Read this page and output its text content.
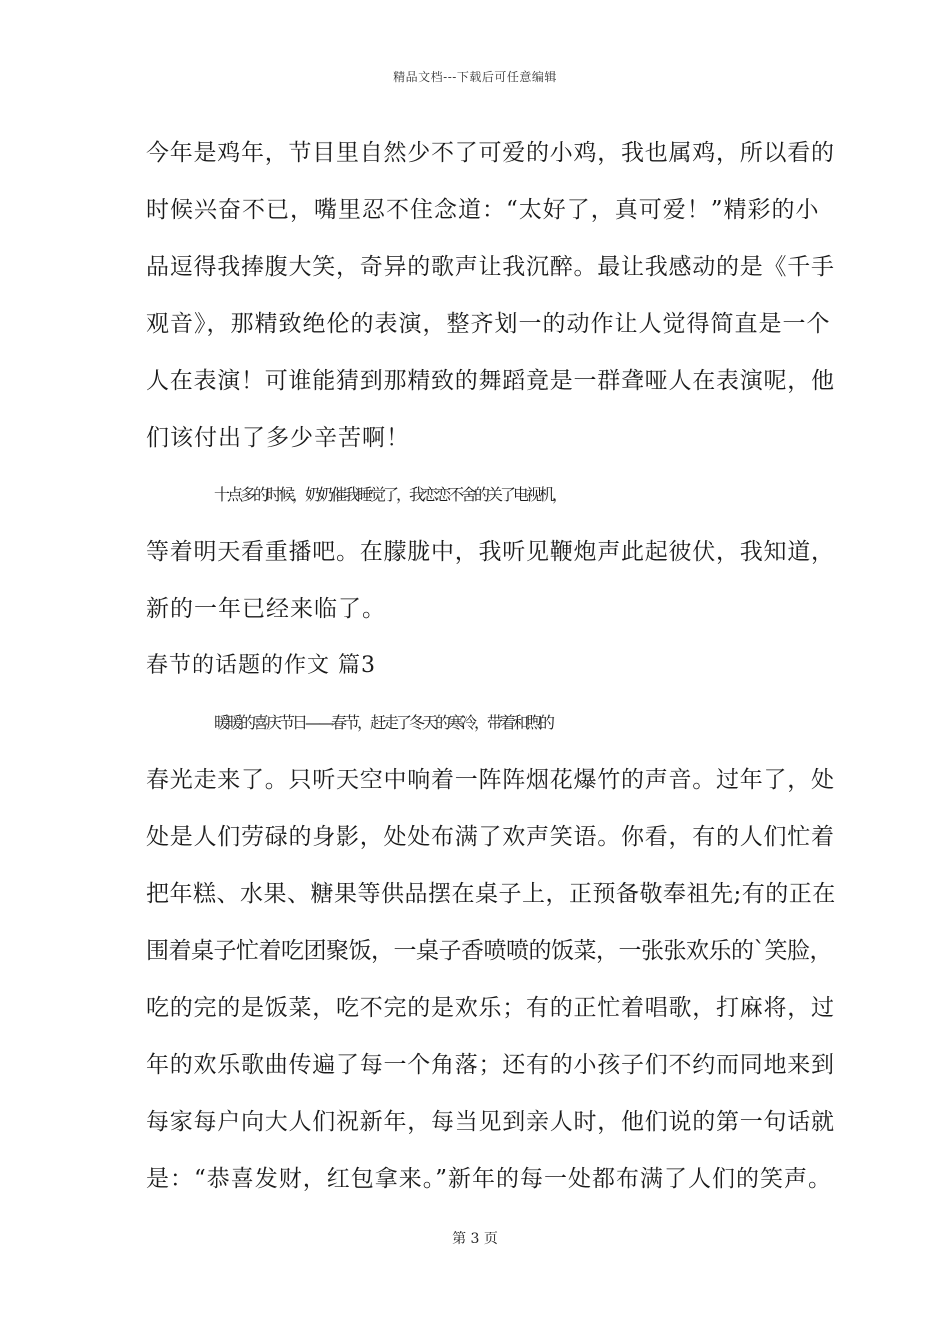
精品文档---下载后可任意编辑
今年是鸡年，节目里自然少不了可爱的小鸡，我也属鸡，所以看的
时候兴奋不已，嘴里忍不住念道：“太好了，真可爱！”精彩的小
品逗得我捧腹大笑，奇异的歌声让我沉醉。最让我感动的是《千手
观音》，那精致绝伦的表演，整齐划一的动作让人觉得简直是一个
人在表演！可谁能猜到那精致的舞蹈竟是一群聋哑人在表演呢，他
们该付出了多少辛苦啊！
十点多的时候，奶奶催我睡觉了，我恋恋不舍的关了电视机，
等着明天看重播吧。在朦胧中，我听见鞭炮声此起彼伏，我知道，
新的一年已经来临了。
春节的话题的作文 篇3
暖暖的喜庆节日——春节，赶走了冬天的寒冷，带着和煦的
春光走来了。只听天空中响着一阵阵烟花爆竹的声音。过年了，处
处是人们劳碌的身影，处处布满了欢声笑语。你看，有的人们忙着
把年糕、水果、糖果等供品摆在桌子上，正预备敬奉祖先;有的正在
围着桌子忙着吃团聚饭，一桌子香喷喷的饭菜，一张张欢乐的`笑脸，
吃的完的是饭菜，吃不完的是欢乐；有的正忙着唱歌，打麻将，过
年的欢乐歌曲传遍了每一个角落；还有的小孩子们不约而同地来到
每家每户向大人们祝新年，每当见到亲人时，他们说的第一句话就
是：“恭喜发财，红包拿来。”新年的每一处都布满了人们的笑声。
第 3 页
